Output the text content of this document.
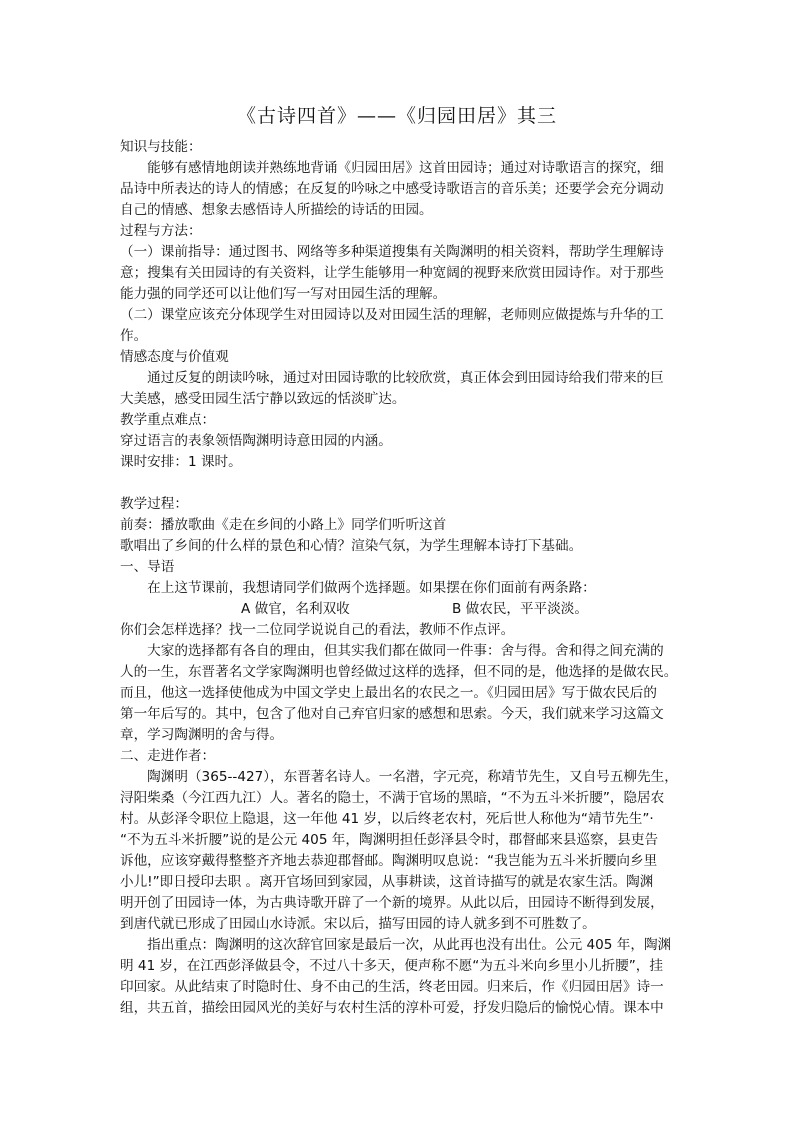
《古诗四首》——《归园田居》其三
知识与技能：
　　能够有感情地朗读并熟练地背诵《归园田居》这首田园诗；通过对诗歌语言的探究，细
品诗中所表达的诗人的情感；在反复的吟咏之中感受诗歌语言的音乐美；还要学会充分调动
自己的情感、想象去感悟诗人所描绘的诗话的田园。
过程与方法：
（一）课前指导：通过图书、网络等多种渠道搜集有关陶渊明的相关资料，帮助学生理解诗
意；搜集有关田园诗的有关资料，让学生能够用一种宽阔的视野来欣赏田园诗作。对于那些
能力强的同学还可以让他们写一写对田园生活的理解。
（二）课堂应该充分体现学生对田园诗以及对田园生活的理解，老师则应做提炼与升华的工
作。
情感态度与价值观
　　通过反复的朗读吟咏，通过对田园诗歌的比较欣赏，真正体会到田园诗给我们带来的巨
大美感，感受田园生活宁静以致远的恬淡旷达。
教学重点难点：
穿过语言的表象领悟陶渊明诗意田园的内涵。
课时安排：1 课时。
教学过程：
前奏：播放歌曲《走在乡间的小路上》同学们听听这首
歌唱出了乡间的什么样的景色和心情？渲染气氛，为学生理解本诗打下基础。
一、导语
　　在上这节课前，我想请同学们做两个选择题。如果摆在你们面前有两条路：
A 做官，名利双收	B 做农民，平平淡淡。
你们会怎样选择？找一二位同学说说自己的看法，教师不作点评。
　　大家的选择都有各自的理由，但其实我们都在做同一件事：舍与得。舍和得之间充满的
人的一生，东晋著名文学家陶渊明也曾经做过这样的选择，但不同的是，他选择的是做农民。
而且，他这一选择使他成为中国文学史上最出名的农民之一。《归园田居》写于做农民后的
第一年后写的。其中，包含了他对自己弃官归家的感想和思索。今天，我们就来学习这篇文
章，学习陶渊明的舍与得。
二、走进作者：
　　陶渊明（365--427），东晋著名诗人。一名潜，字元亮，称靖节先生，又自号五柳先生，
浔阳柴桑（今江西九江）人。著名的隐士，不满于官场的黑暗，“不为五斗米折腰”，隐居农
村。从彭泽令职位上隐退，这一年他 41 岁，以后终老农村，死后世人称他为“靖节先生”·
“不为五斗米折腰”说的是公元 405 年，陶渊明担任彭泽县令时，郡督邮来县巡察，县吏告
诉他，应该穿戴得整整齐齐地去恭迎郡督邮。陶渊明叹息说：“我岂能为五斗米折腰向乡里
小儿!”即日授印去职 。离开官场回到家园，从事耕读，这首诗描写的就是农家生活。陶渊
明开创了田园诗一体，为古典诗歌开辟了一个新的境界。从此以后，田园诗不断得到发展，
到唐代就已形成了田园山水诗派。宋以后，描写田园的诗人就多到不可胜数了。
　　指出重点：陶渊明的这次辞官回家是最后一次，从此再也没有出仕。公元 405 年，陶渊
明 41 岁，在江西彭泽做县令，不过八十多天，便声称不愿“为五斗米向乡里小儿折腰”，挂
印回家。从此结束了时隐时仕、身不由己的生活，终老田园。归来后，作《归园田居》诗一
组，共五首，描绘田园风光的美好与农村生活的淳朴可爱，抒发归隐后的愉悦心情。课本中
